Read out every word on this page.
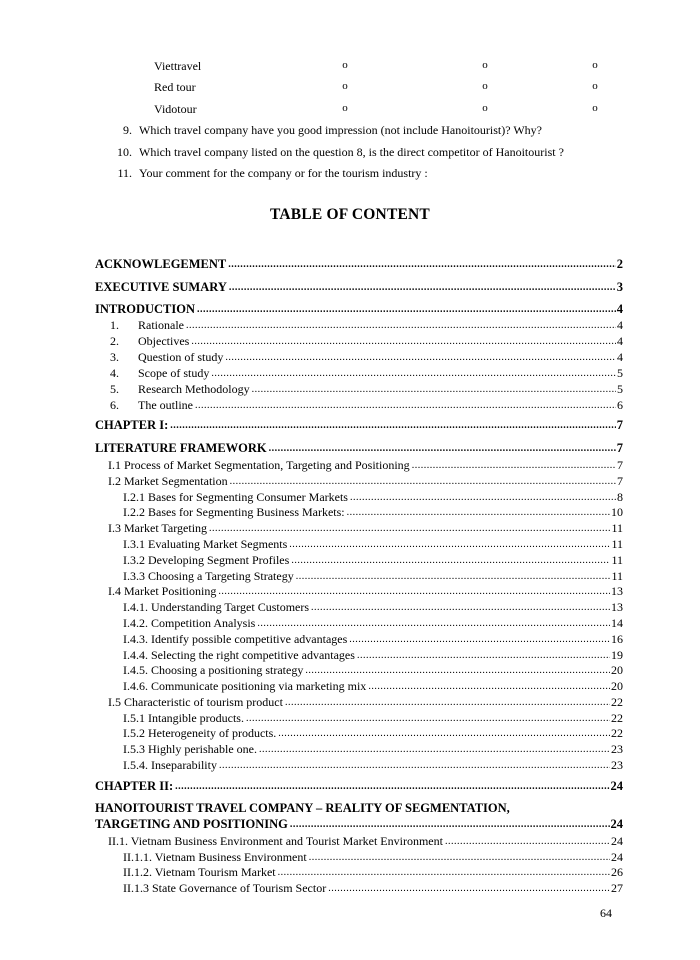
Viettravel	o	o	o
Red tour	o	o	o
Vidotour	o	o	o
9. Which travel company have you good impression (not include Hanoitourist)? Why?
10. Which travel company listed on the question 8, is the direct competitor of Hanoitourist ?
11. Your comment for the company or for the tourism industry :
TABLE OF CONTENT
ACKNOWLEGEMENT .....	2
EXECUTIVE SUMARY .....	3
INTRODUCTION .....	4
1.	Rationale .....	4
2.	Objectives .....	4
3.	Question of study .....	4
4.	Scope of study .....	5
5.	Research Methodology .....	5
6.	The outline .....	6
CHAPTER I: .....	7
LITERATURE FRAMEWORK .....	7
I.1 Process of Market Segmentation, Targeting and Positioning .....	7
I.2 Market Segmentation .....	7
I.2.1 Bases for Segmenting Consumer Markets .....	8
I.2.2 Bases for Segmenting Business Markets: .....	10
I.3 Market Targeting .....	11
I.3.1 Evaluating Market Segments .....	11
I.3.2 Developing Segment Profiles .....	11
I.3.3 Choosing a Targeting Strategy .....	11
I.4 Market Positioning .....	13
I.4.1. Understanding Target Customers .....	13
I.4.2. Competition Analysis .....	14
I.4.3. Identify possible competitive advantages .....	16
I.4.4. Selecting the right competitive advantages .....	19
I.4.5. Choosing a positioning strategy .....	20
I.4.6. Communicate positioning via marketing mix .....	20
I.5 Characteristic of tourism product .....	22
I.5.1 Intangible products. .....	22
I.5.2 Heterogeneity of products. .....	22
I.5.3 Highly perishable one. .....	23
I.5.4. Inseparability .....	23
CHAPTER II: .....	24
HANOITOURIST TRAVEL COMPANY – REALITY OF SEGMENTATION,
TARGETING AND POSITIONING .....	24
II.1. Vietnam Business Environment and Tourist Market Environment .....	24
II.1.1. Vietnam Business Environment .....	24
II.1.2. Vietnam Tourism Market .....	26
II.1.3 State Governance of Tourism Sector .....	27
64
